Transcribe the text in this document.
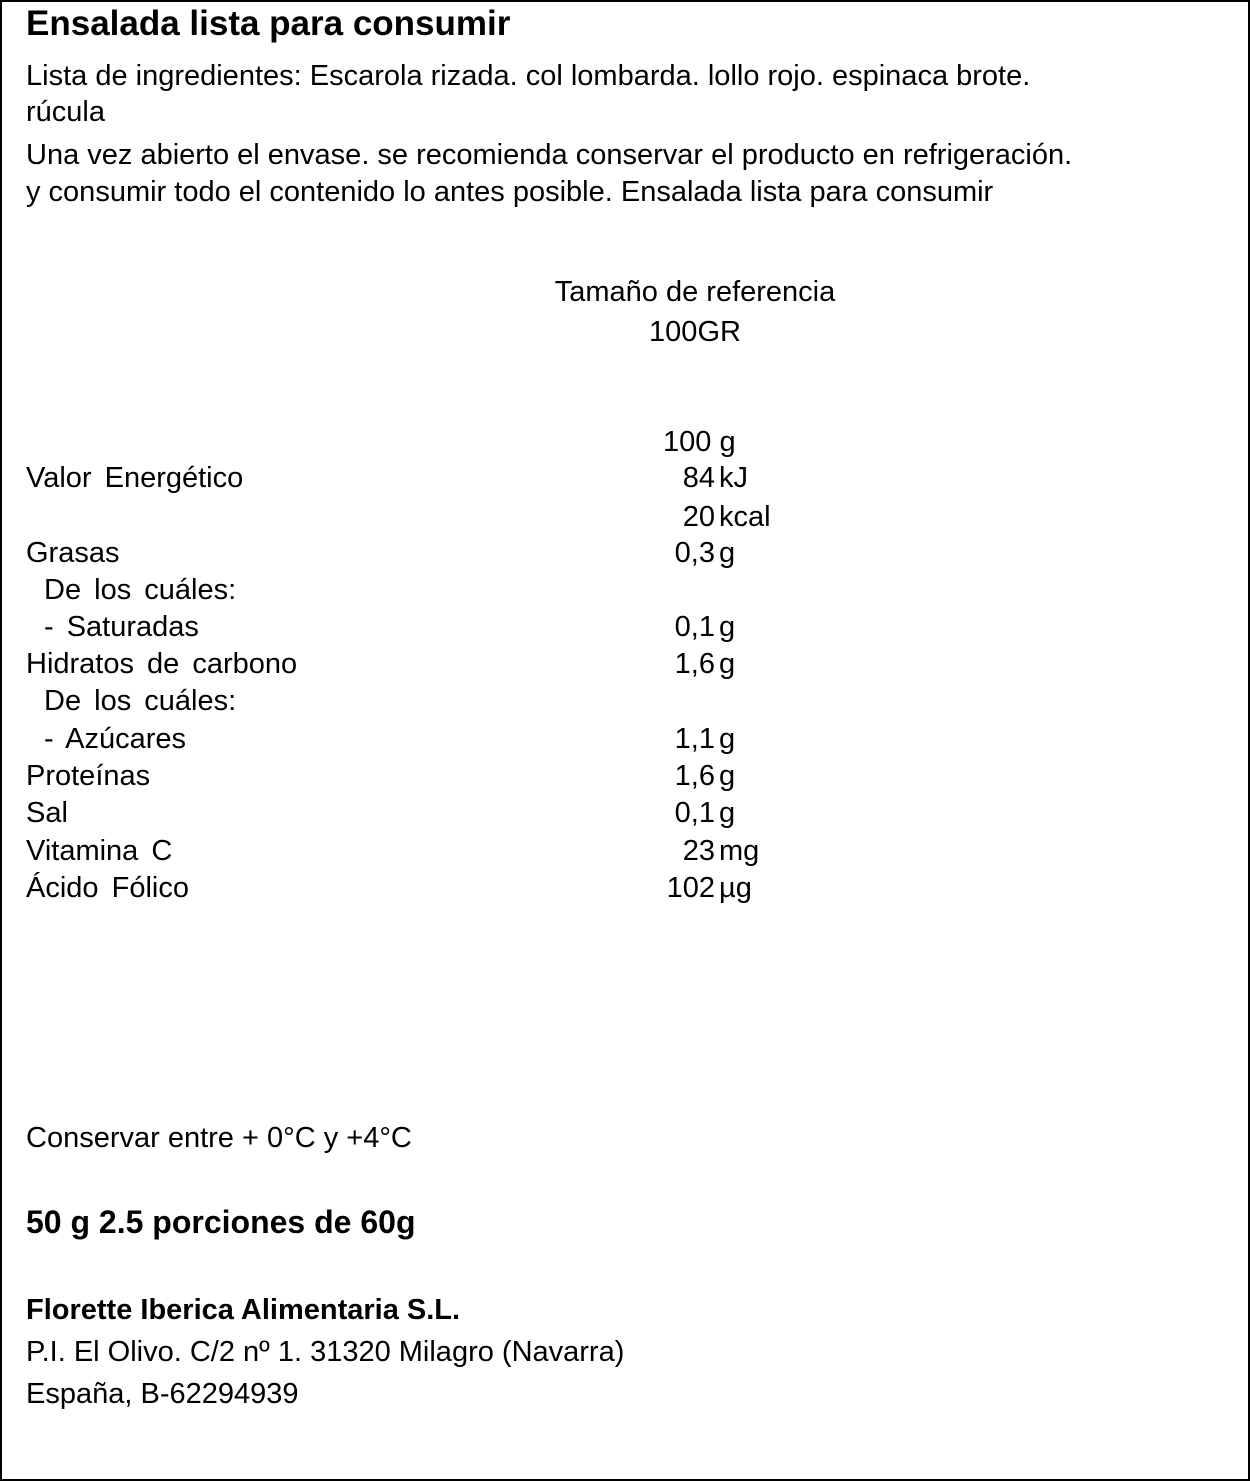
Ensalada lista para consumir
Lista de ingredientes: Escarola rizada. col lombarda. lollo rojo. espinaca brote.
rúcula
Una vez abierto el envase. se recomienda conservar el producto en refrigeración.
y consumir todo el contenido lo antes posible. Ensalada lista para consumir
Tamaño de referencia
100GR
100 g
Valor Energético	84 kJ
20 kcal
Grasas	0,3 g
De los cuáles:
- Saturadas	0,1 g
Hidratos de carbono	1,6 g
De los cuáles:
- Azúcares	1,1 g
Proteínas	1,6 g
Sal	0,1 g
Vitamina C	23 mg
Ácido Fólico	102 µg
Conservar entre + 0°C y +4°C
50 g 2.5 porciones de 60g
Florette Iberica Alimentaria S.L.
P.I. El Olivo. C/2 nº 1. 31320 Milagro (Navarra)
España, B-62294939
